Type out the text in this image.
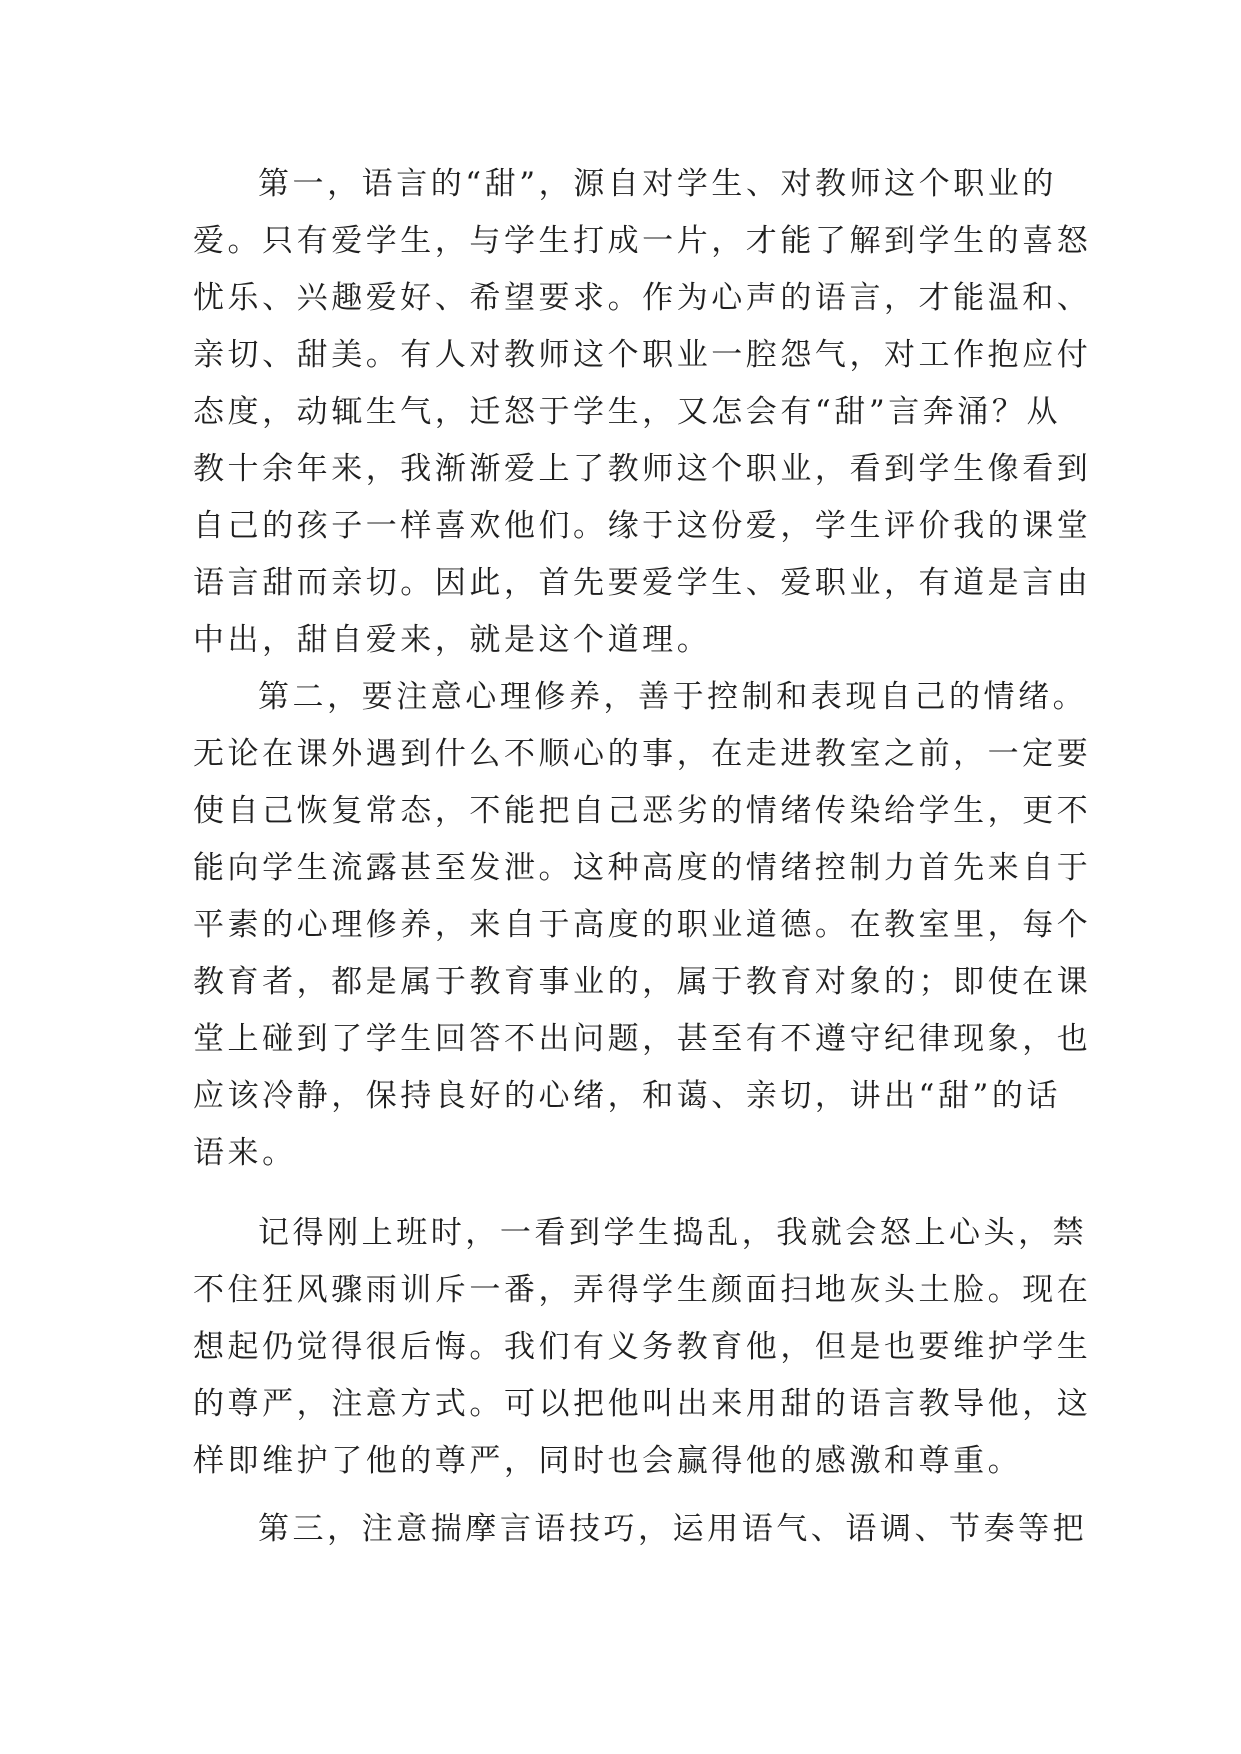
第一，语言的“甜”，源自对学生、对教师这个职业的
爱。只有爱学生，与学生打成一片，才能了解到学生的喜怒
忧乐、兴趣爱好、希望要求。作为心声的语言，才能温和、
亲切、甜美。有人对教师这个职业一腔怨气，对工作抱应付
态度，动辄生气，迁怒于学生，又怎会有“甜”言奔涌？从
教十余年来，我渐渐爱上了教师这个职业，看到学生像看到
自己的孩子一样喜欢他们。缘于这份爱，学生评价我的课堂
语言甜而亲切。因此，首先要爱学生、爱职业，有道是言由
中出，甜自爱来，就是这个道理。
第二，要注意心理修养，善于控制和表现自己的情绪。
无论在课外遇到什么不顺心的事，在走进教室之前，一定要
使自己恢复常态，不能把自己恶劣的情绪传染给学生，更不
能向学生流露甚至发泄。这种高度的情绪控制力首先来自于
平素的心理修养，来自于高度的职业道德。在教室里，每个
教育者，都是属于教育事业的，属于教育对象的；即使在课
堂上碰到了学生回答不出问题，甚至有不遵守纪律现象，也
应该冷静，保持良好的心绪，和蔼、亲切，讲出“甜”的话
语来。
记得刚上班时，一看到学生捣乱，我就会怒上心头，禁
不住狂风骤雨训斥一番，弄得学生颜面扫地灰头土脸。现在
想起仍觉得很后悔。我们有义务教育他，但是也要维护学生
的尊严，注意方式。可以把他叫出来用甜的语言教导他，这
样即维护了他的尊严，同时也会赢得他的感激和尊重。
第三，注意揣摩言语技巧，运用语气、语调、节奏等把
